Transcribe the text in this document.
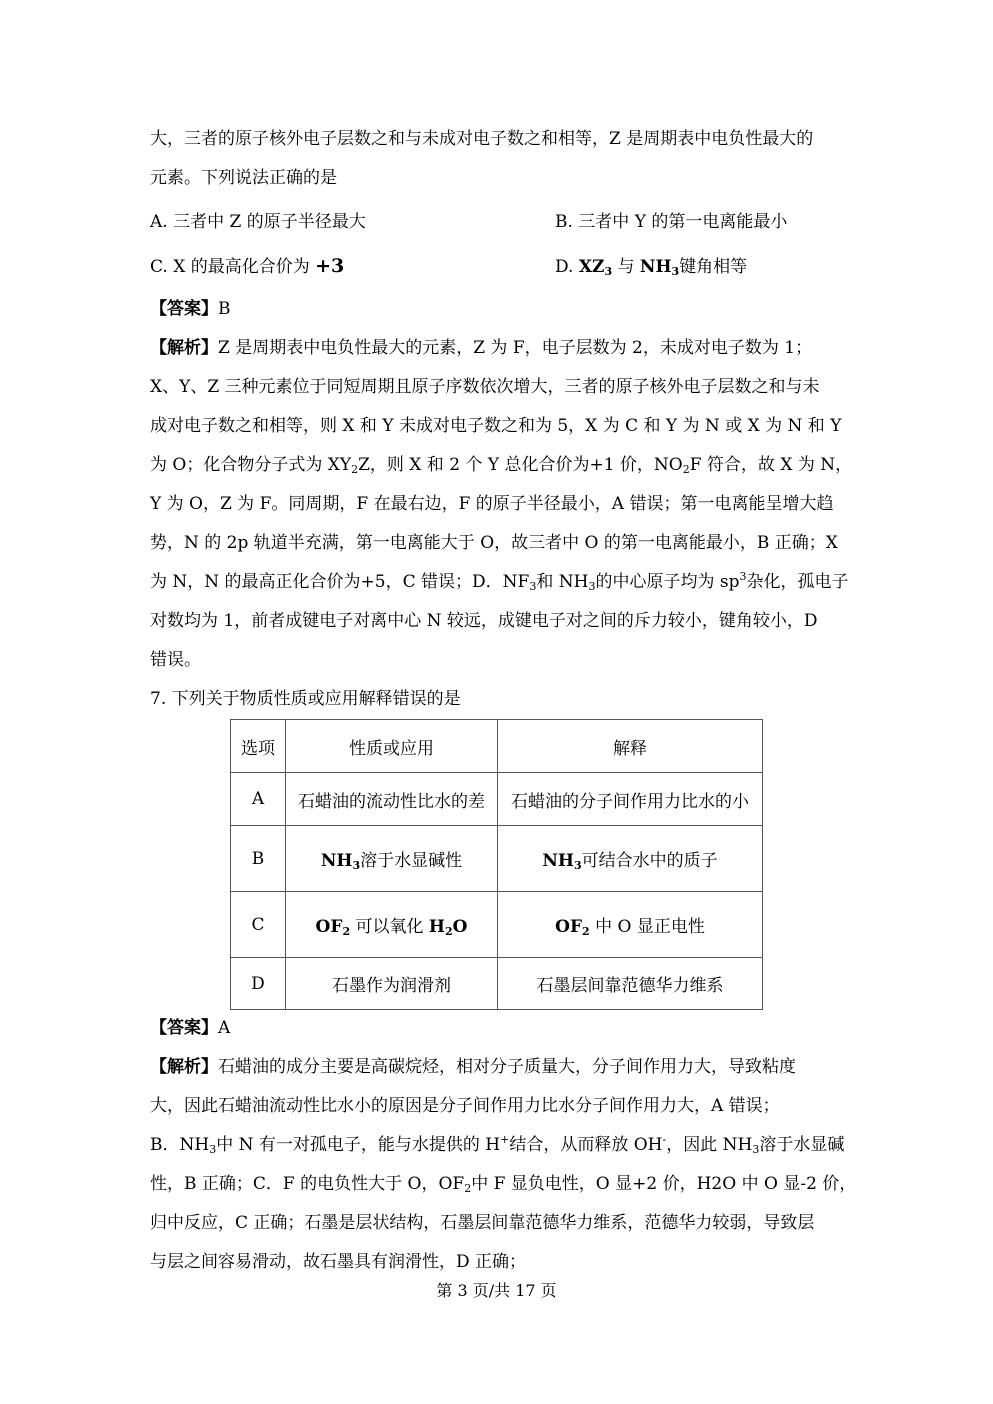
大，三者的原子核外电子层数之和与未成对电子数之和相等，Z 是周期表中电负性最大的
元素。下列说法正确的是
A. 三者中 Z 的原子半径最大	B. 三者中 Y 的第一电离能最小
C. X 的最高化合价为 +3	D. $XZ_3$ 与 $NH_3$键角相等
【答案】B
【解析】Z 是周期表中电负性最大的元素，Z 为 F，电子层数为 2，未成对电子数为 1；
X、Y、Z 三种元素位于同短周期且原子序数依次增大，三者的原子核外电子层数之和与未
成对电子数之和相等，则 X 和 Y 未成对电子数之和为 5，X 为 C 和 Y 为 N 或 X 为 N 和 Y
为 O；化合物分子式为 $XY_2Z$，则 X 和 2 个 Y 总化合价为+1 价，$NO_2F$ 符合，故 X 为 N，
Y 为 O，Z 为 F。同周期，F 在最右边，F 的原子半径最小，A 错误；第一电离能呈增大趋
势，N 的 2p 轨道半充满，第一电离能大于 O，故三者中 O 的第一电离能最小，B 正确；X
为 N，N 的最高正化合价为+5，C 错误；D．$NF_3$和 $NH_3$的中心原子均为 $sp^3$杂化，孤电子
对数均为 1，前者成键电子对离中心 N 较远，成键电子对之间的斥力较小，键角较小，D
错误。
7. 下列关于物质性质或应用解释错误的是
选项	性质或应用	解释
A	石蜡油的流动性比水的差	石蜡油的分子间作用力比水的小
B	$NH_3$溶于水显碱性	$NH_3$可结合水中的质子
C	$OF_2$ 可以氧化 $H_2O$	$OF_2$ 中 O 显正电性
D	石墨作为润滑剂	石墨层间靠范德华力维系
【答案】A
【解析】石蜡油的成分主要是高碳烷烃，相对分子质量大，分子间作用力大，导致粘度
大，因此石蜡油流动性比水小的原因是分子间作用力比水分子间作用力大，A 错误；
B．$NH_3$中 N 有一对孤电子，能与水提供的 H+结合，从而释放 OH-，因此 $NH_3$溶于水显碱
性，B 正确；C．F 的电负性大于 O，$OF_2$中 F 显负电性，O 显+2 价，H2O 中 O 显-2 价，
归中反应，C 正确；石墨是层状结构，石墨层间靠范德华力维系，范德华力较弱，导致层
与层之间容易滑动，故石墨具有润滑性，D 正确；
第 3 页/共 17 页
